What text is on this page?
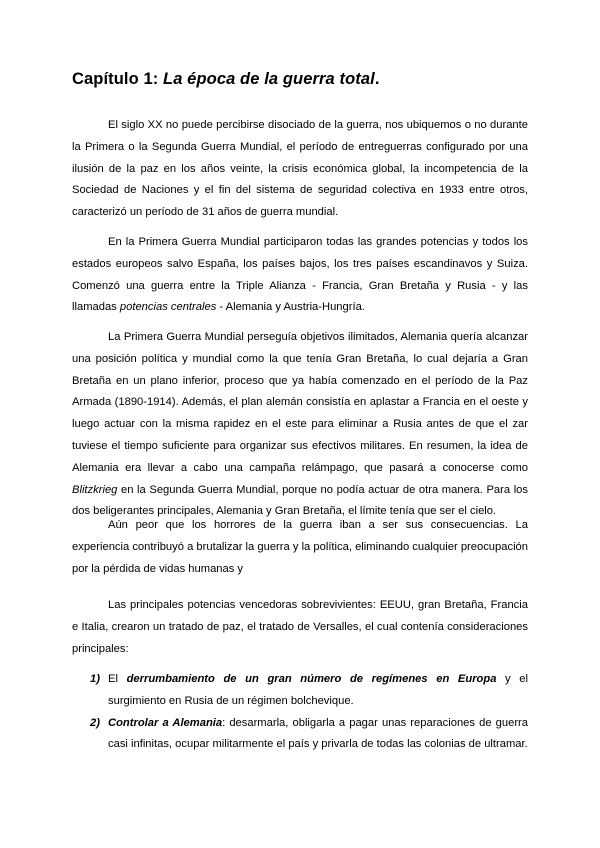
Capítulo 1: La época de la guerra total.

El siglo XX no puede percibirse disociado de la guerra, nos ubiquemos o no durante la Primera o la Segunda Guerra Mundial, el período de entreguerras configurado por una ilusión de la paz en los años veinte, la crisis económica global, la incompetencia de la Sociedad de Naciones y el fin del sistema de seguridad colectiva en 1933 entre otros, caracterizó un período de 31 años de guerra mundial.

En la Primera Guerra Mundial participaron todas las grandes potencias y todos los estados europeos salvo España, los países bajos, los tres países escandinavos y Suiza. Comenzó una guerra entre la Triple Alianza - Francia, Gran Bretaña y Rusia - y las llamadas potencias centrales - Alemania y Austria-Hungría.

La Primera Guerra Mundial perseguía objetivos ilimitados, Alemania quería alcanzar una posición política y mundial como la que tenía Gran Bretaña, lo cual dejaría a Gran Bretaña en un plano inferior, proceso que ya había comenzado en el período de la Paz Armada (1890-1914). Además, el plan alemán consistía en aplastar a Francia en el oeste y luego actuar con la misma rapidez en el este para eliminar a Rusia antes de que el zar tuviese el tiempo suficiente para organizar sus efectivos militares. En resumen, la idea de Alemania era llevar a cabo una campaña relámpago, que pasará a conocerse como Blitzkrieg en la Segunda Guerra Mundial, porque no podía actuar de otra manera. Para los dos beligerantes principales, Alemania y Gran Bretaña, el límite tenía que ser el cielo.

Aún peor que los horrores de la guerra iban a ser sus consecuencias. La experiencia contribuyó a brutalizar la guerra y la política, eliminando cualquier preocupación por la pérdida de vidas humanas y

Las principales potencias vencedoras sobrevivientes: EEUU, gran Bretaña, Francia e Italia, crearon un tratado de paz, el tratado de Versalles, el cual contenía consideraciones principales:

1) El derrumbamiento de un gran número de regímenes en Europa y el surgimiento en Rusia de un régimen bolchevique.
2) Controlar a Alemania: desarmarla, obligarla a pagar unas reparaciones de guerra casi infinitas, ocupar militarmente el país y privarla de todas las colonias de ultramar.
